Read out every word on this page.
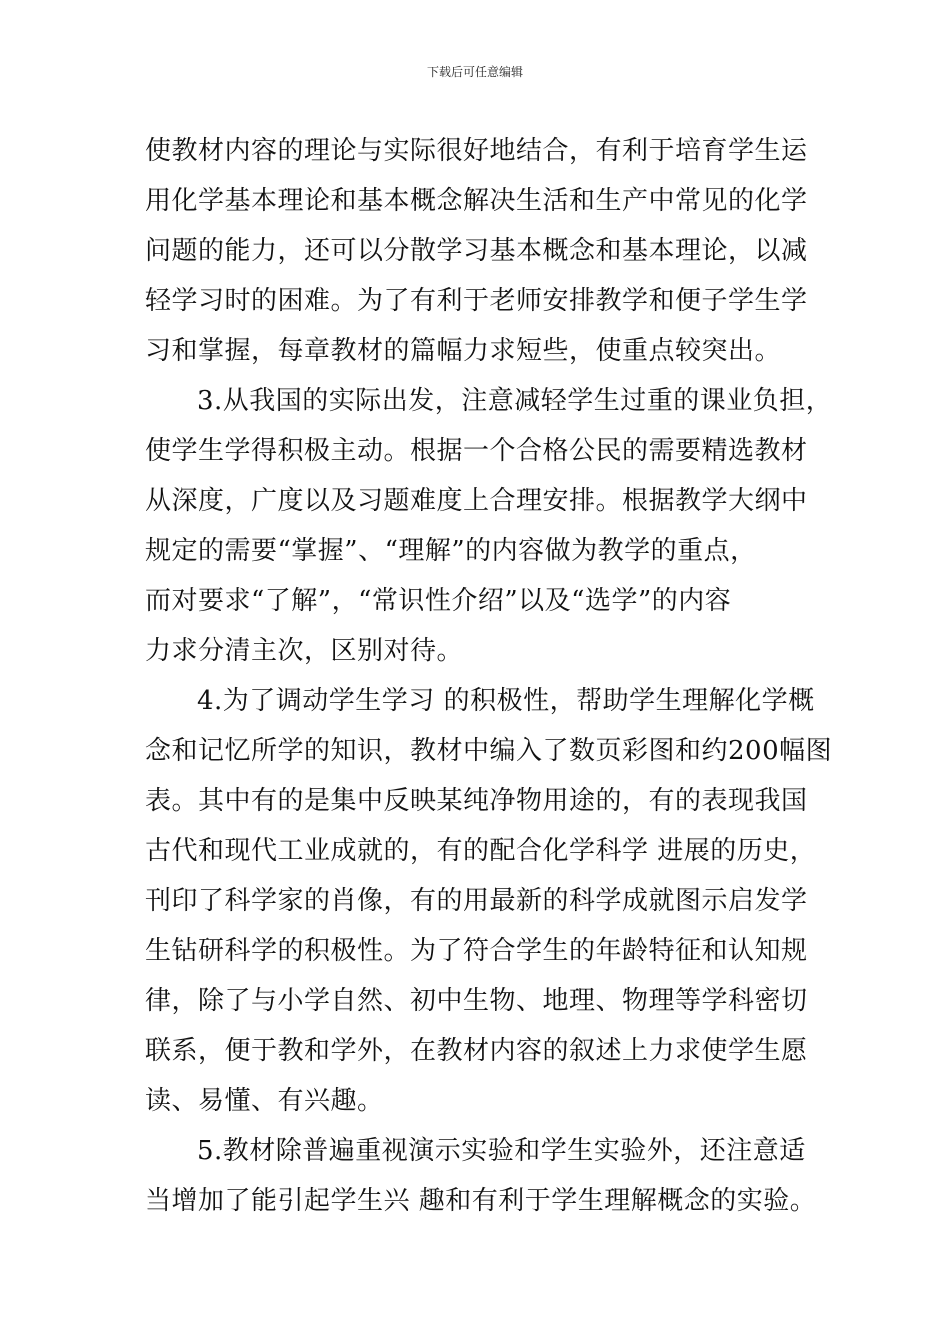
下载后可任意编辑
使教材内容的理论与实际很好地结合，有利于培育学生运
用化学基本理论和基本概念解决生活和生产中常见的化学
问题的能力，还可以分散学习基本概念和基本理论，以减
轻学习时的困难。为了有利于老师安排教学和便子学生学
习和掌握，每章教材的篇幅力求短些，使重点较突出。
3.从我国的实际出发，注意减轻学生过重的课业负担，
使学生学得积极主动。根据一个合格公民的需要精选教材
从深度，广度以及习题难度上合理安排。根据教学大纲中
规定的需要“掌握”、“理解”的内容做为教学的重点，
而对要求“了解”，“常识性介绍”以及“选学”的内容
力求分清主次，区别对待。
4.为了调动学生学习 的积极性，帮助学生理解化学概
念和记忆所学的知识，教材中编入了数页彩图和约200幅图
表。其中有的是集中反映某纯净物用途的，有的表现我国
古代和现代工业成就的，有的配合化学科学 进展的历史，
刊印了科学家的肖像，有的用最新的科学成就图示启发学
生钻研科学的积极性。为了符合学生的年龄特征和认知规
律，除了与小学自然、初中生物、地理、物理等学科密切
联系，便于教和学外，在教材内容的叙述上力求使学生愿
读、易懂、有兴趣。
5.教材除普遍重视演示实验和学生实验外，还注意适
当增加了能引起学生兴 趣和有利于学生理解概念的实验。
